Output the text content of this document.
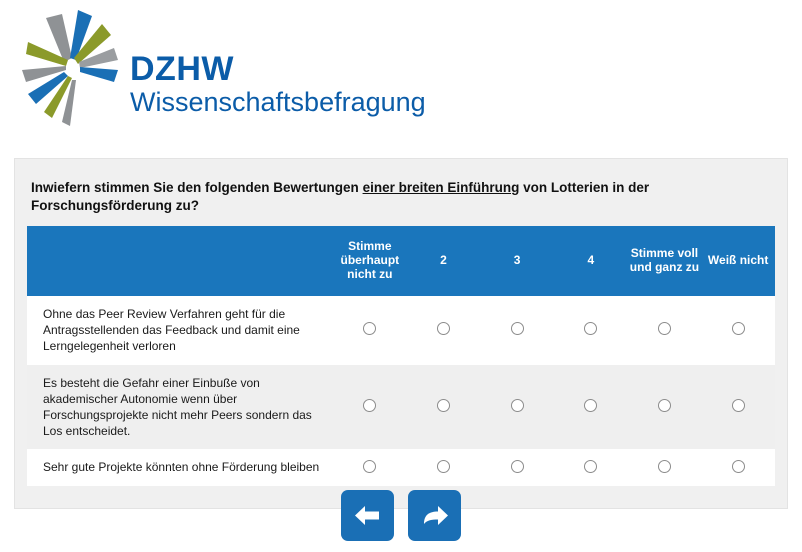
DZHW
Wissenschaftsbefragung
Inwiefern stimmen Sie den folgenden Bewertungen einer breiten Einführung von Lotterien in der Forschungsförderung zu?
	Stimme überhaupt nicht zu	2	3	4	Stimme voll und ganz zu	Weiß nicht
Ohne das Peer Review Verfahren geht für die Antragsstellenden das Feedback und damit eine Lerngelegenheit verloren						
Es besteht die Gefahr einer Einbuße von akademischer Autonomie wenn über Forschungsprojekte nicht mehr Peers sondern das Los entscheidet.						
Sehr gute Projekte könnten ohne Förderung bleiben						
